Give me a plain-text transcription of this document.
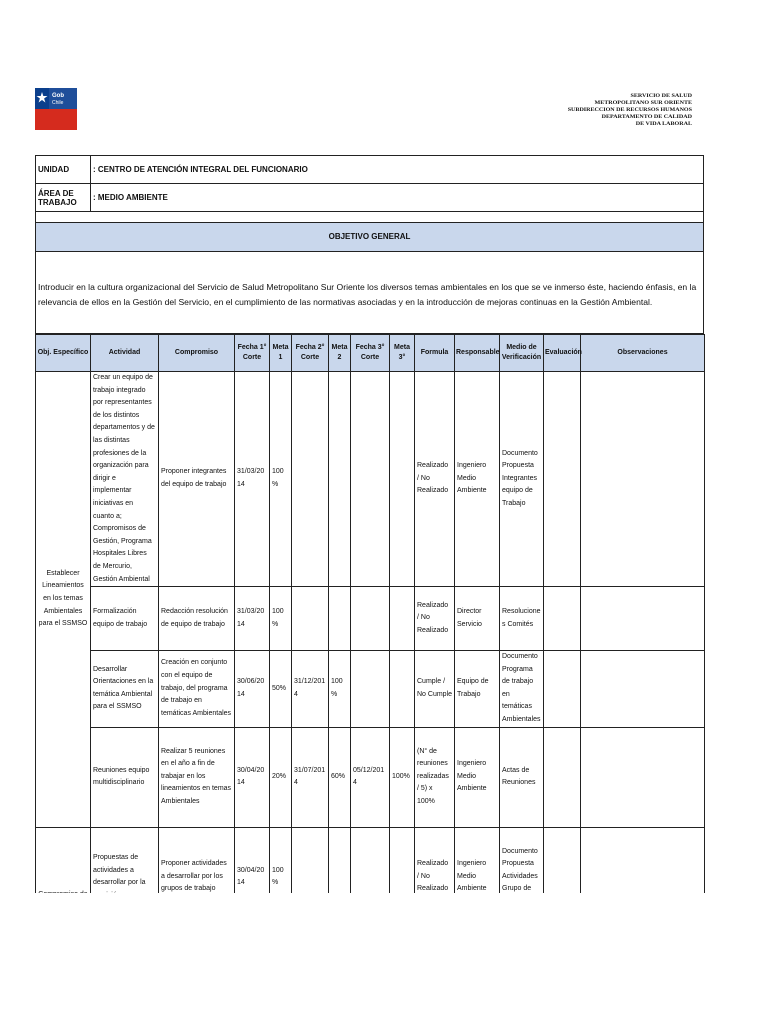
Gob
Chile
SERVICIO DE SALUD
METROPOLITANO SUR ORIENTE
SUBDIRECCION DE RECURSOS HUMANOS
DEPARTAMENTO DE CALIDAD
DE VIDA LABORAL
UNIDAD	: CENTRO DE ATENCIÓN INTEGRAL DEL FUNCIONARIO
ÁREA DE TRABAJO	: MEDIO AMBIENTE
OBJETIVO GENERAL
Introducir en la cultura organizacional del Servicio de Salud Metropolitano Sur Oriente los diversos temas ambientales en los que se ve inmerso éste, haciendo énfasis, en la relevancia de ellos en la Gestión del Servicio, en el cumplimiento de las normativas asociadas y en la introducción de mejoras continuas en la Gestión Ambiental.
Obj. Específico	Actividad	Compromiso	Fecha 1° Corte	Meta 1	Fecha 2° Corte	Meta 2	Fecha 3° Corte	Meta 3°	Formula	Responsable	Medio de Verificación	Evaluación	Observaciones
Establecer Lineamientos en los temas Ambientales para el SSMSO	Crear un equipo de trabajo integrado por representantes de los distintos departamentos y de las distintas profesiones de la organización para dirigir e implementar iniciativas en cuanto a; Compromisos de Gestión, Programa Hospitales Libres de Mercurio, Gestión Ambiental	Proponer integrantes del equipo de trabajo	31/03/2014	100%					Realizado / No Realizado	Ingeniero Medio Ambiente	Documento Propuesta Integrantes equipo de Trabajo		
	Formalización equipo de trabajo	Redacción resolución de equipo de trabajo	31/03/2014	100%					Realizado / No Realizado	Director Servicio	Resoluciones Comités		
	Desarrollar Orientaciones en la temática Ambiental para el SSMSO	Creación en conjunto con el equipo de trabajo, del programa de trabajo en temáticas Ambientales	30/06/2014	50%	31/12/2014	100%			Cumple / No Cumple	Equipo de Trabajo	Documento Programa de trabajo en temáticas Ambientales		
	Reuniones equipo multidisciplinario	Realizar 5 reuniones en el año a fin de trabajar en los lineamientos en temas Ambientales	30/04/2014	20%	31/07/2014	60%	05/12/2014	100%	(N° de reuniones realizadas / 5) x 100%	Ingeniero Medio Ambiente	Actas de Reuniones		
	Propuestas de actividades a desarrollar por la	Proponer actividades a desarrollar por los grupos de trabajo	30/04/2014	100%					Realizado / No Realizado	Ingeniero Medio Ambiente	Documento Propuesta Actividades Grupo de		
